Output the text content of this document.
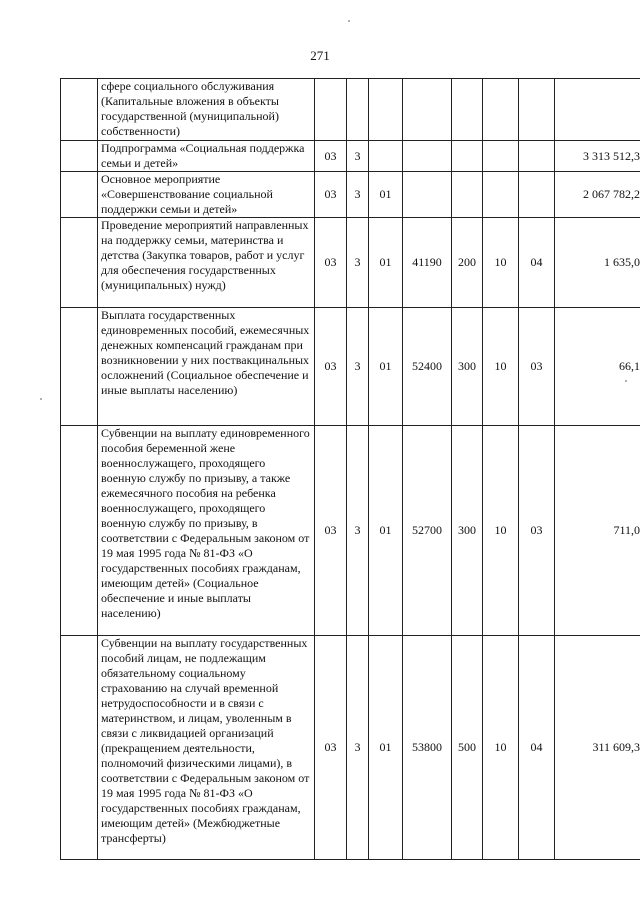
271
	сфере социального обслуживания (Капитальные вложения в объекты государственной (муниципальной) собственности)								
	Подпрограмма «Социальная поддержка семьи и детей»	03	3						3 313 512,3
	Основное мероприятие «Совершенствование социальной поддержки семьи и детей»	03	3	01					2 067 782,2
	Проведение мероприятий направленных на поддержку семьи, материнства и детства (Закупка товаров, работ и услуг для обеспечения государственных (муниципальных) нужд)	03	3	01	41190	200	10	04	1 635,0
	Выплата государственных единовременных пособий, ежемесячных денежных компенсаций гражданам при возникновении у них поствакцинальных осложнений (Социальное обеспечение и иные выплаты населению)	03	3	01	52400	300	10	03	66,1
	Субвенции на выплату единовременного пособия беременной жене военнослужащего, проходящего военную службу по призыву, а также ежемесячного пособия на ребенка военнослужащего, проходящего военную службу по призыву, в соответствии с Федеральным законом от 19 мая 1995 года № 81-ФЗ «О государственных пособиях гражданам, имеющим детей» (Социальное обеспечение и иные выплаты населению)	03	3	01	52700	300	10	03	711,0
	Субвенции на выплату государственных пособий лицам, не подлежащим обязательному социальному страхованию на случай временной нетрудоспособности и в связи с материнством, и лицам, уволенным в связи с ликвидацией организаций (прекращением деятельности, полномочий физическими лицами), в соответствии с Федеральным законом от 19 мая 1995 года № 81-ФЗ «О государственных пособиях гражданам, имеющим детей» (Межбюджетные трансферты)	03	3	01	53800	500	10	04	311 609,3
